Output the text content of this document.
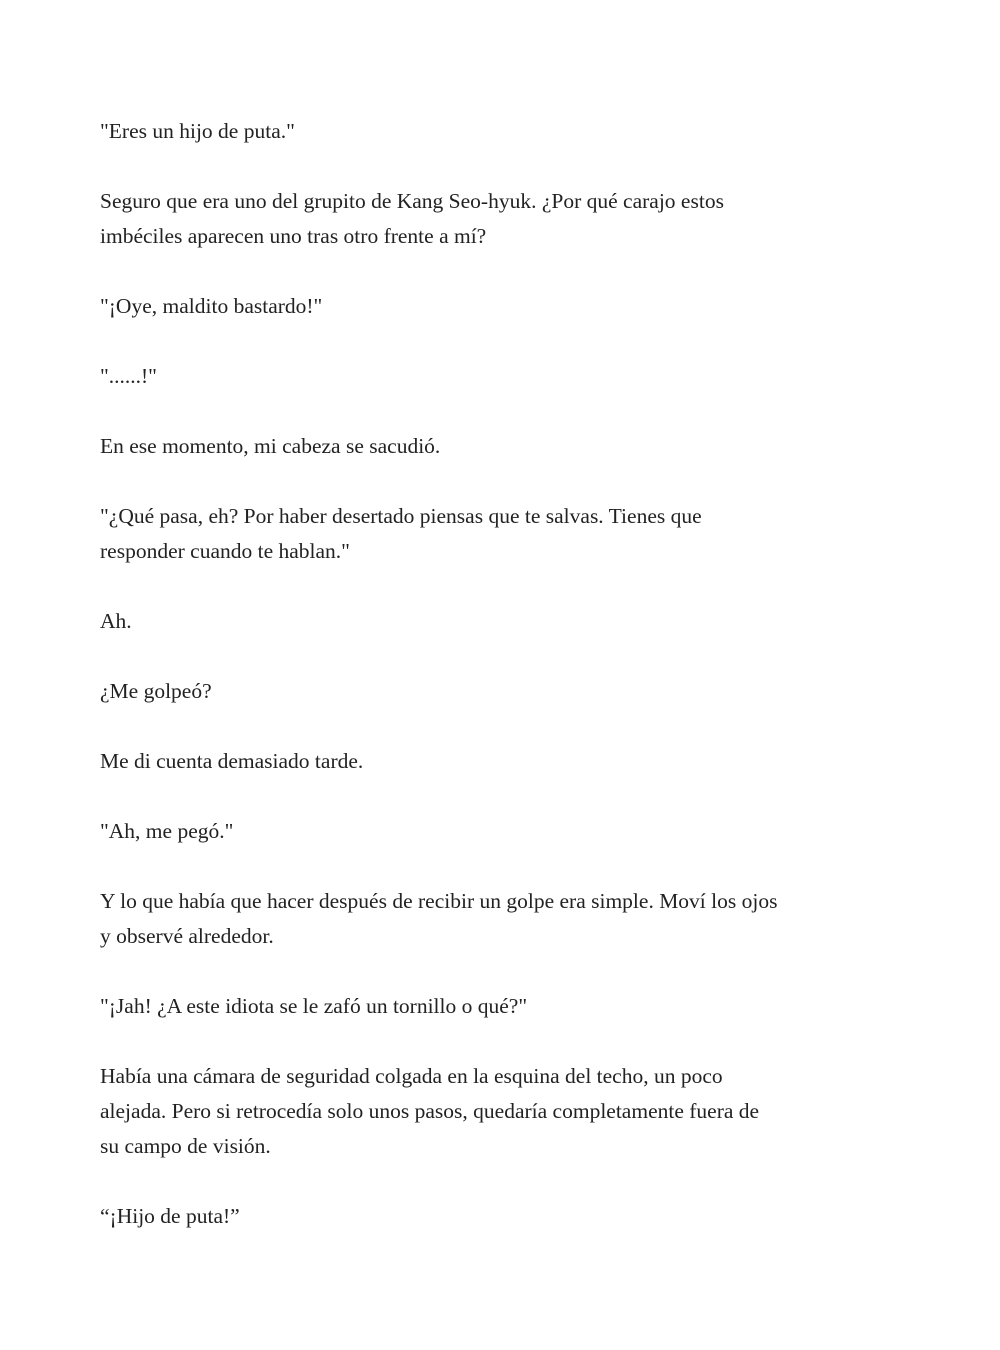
"Eres un hijo de puta."

Seguro que era uno del grupito de Kang Seo-hyuk. ¿Por qué carajo estos
imbéciles aparecen uno tras otro frente a mí?

"¡Oye, maldito bastardo!"

"......!"

En ese momento, mi cabeza se sacudió.

"¿Qué pasa, eh? Por haber desertado piensas que te salvas. Tienes que
responder cuando te hablan."

Ah.

¿Me golpeó?

Me di cuenta demasiado tarde.

"Ah, me pegó."

Y lo que había que hacer después de recibir un golpe era simple. Moví los ojos
y observé alrededor.

"¡Jah! ¿A este idiota se le zafó un tornillo o qué?"

Había una cámara de seguridad colgada en la esquina del techo, un poco
alejada. Pero si retrocedía solo unos pasos, quedaría completamente fuera de
su campo de visión.

“¡Hijo de puta!”
